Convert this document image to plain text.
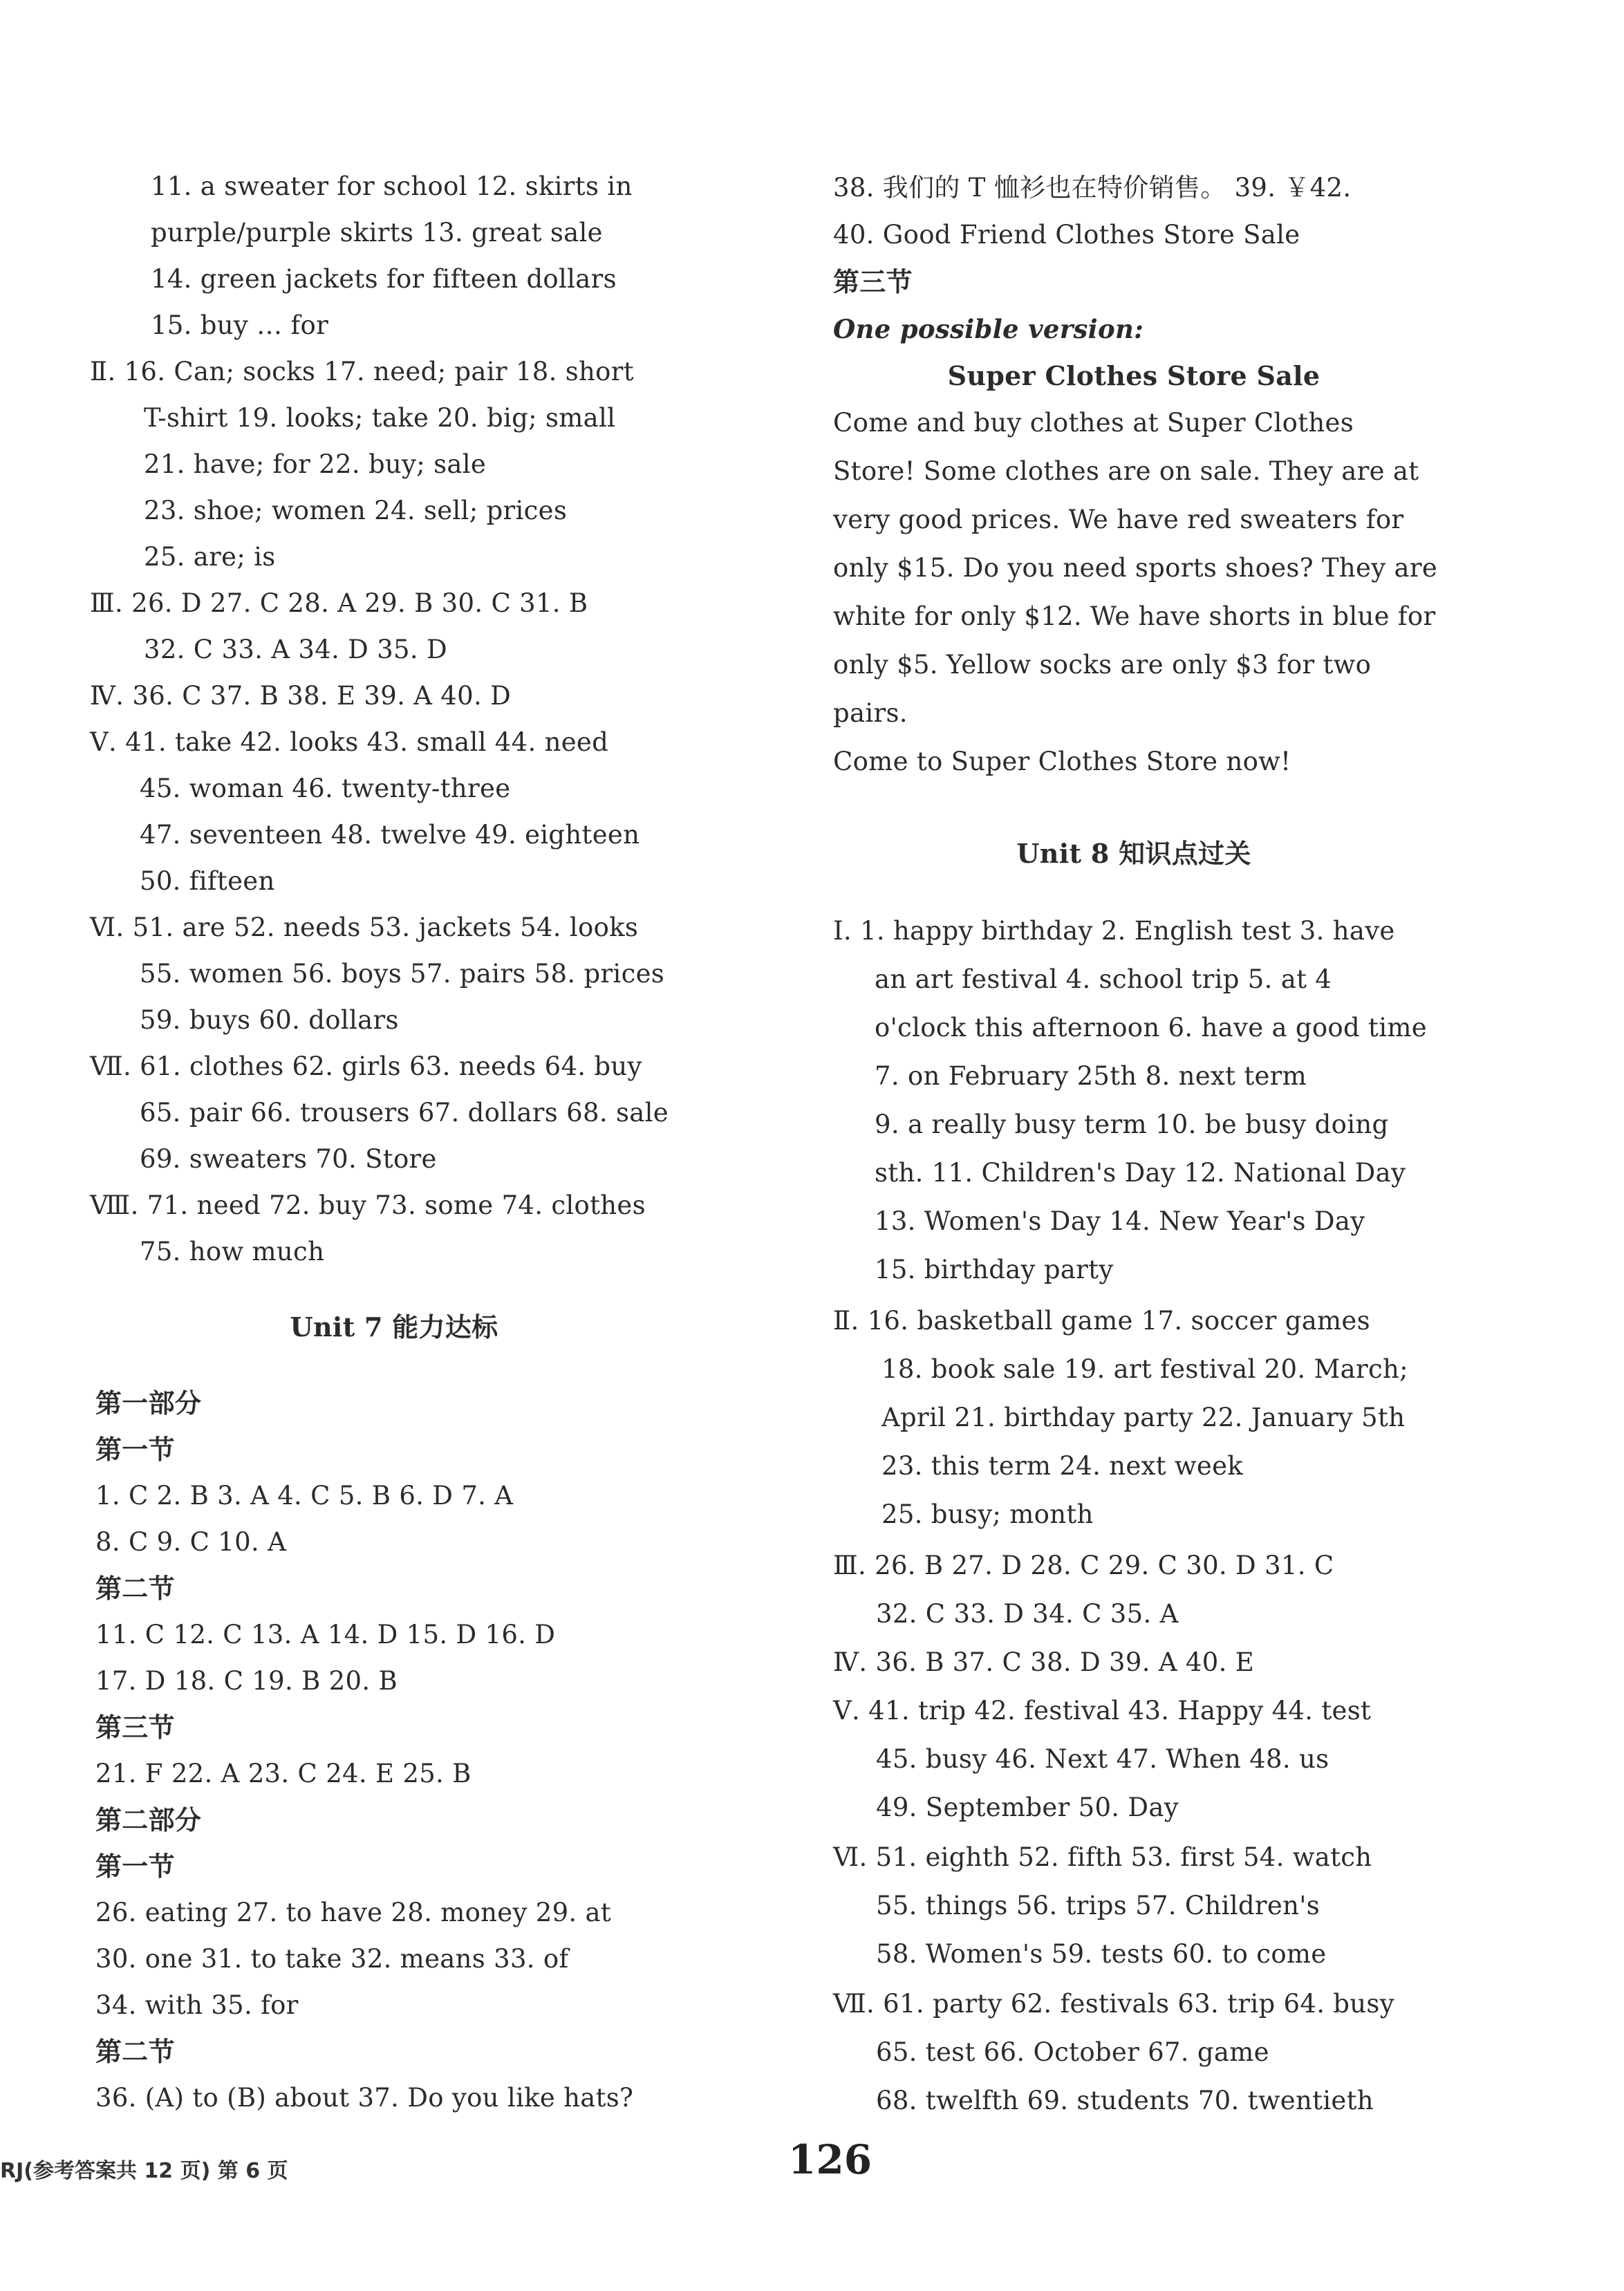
11. a sweater for school 12. skirts in
purple/purple skirts 13. great sale
14. green jackets for fifteen dollars
15. buy … for
Ⅱ. 16. Can; socks 17. need; pair 18. short
T-shirt 19. looks; take 20. big; small
21. have; for 22. buy; sale
23. shoe; women 24. sell; prices
25. are; is
Ⅲ. 26. D 27. C 28. A 29. B 30. C 31. B
32. C 33. A 34. D 35. D
Ⅳ. 36. C 37. B 38. E 39. A 40. D
Ⅴ. 41. take 42. looks 43. small 44. need
45. woman 46. twenty-three
47. seventeen 48. twelve 49. eighteen
50. fifteen
Ⅵ. 51. are 52. needs 53. jackets 54. looks
55. women 56. boys 57. pairs 58. prices
59. buys 60. dollars
Ⅶ. 61. clothes 62. girls 63. needs 64. buy
65. pair 66. trousers 67. dollars 68. sale
69. sweaters 70. Store
Ⅷ. 71. need 72. buy 73. some 74. clothes
75. how much
Unit 7 能力达标
第一部分
第一节
1. C 2. B 3. A 4. C 5. B 6. D 7. A
8. C 9. C 10. A
第二节
11. C 12. C 13. A 14. D 15. D 16. D
17. D 18. C 19. B 20. B
第三节
21. F 22. A 23. C 24. E 25. B
第二部分
第一节
26. eating 27. to have 28. money 29. at
30. one 31. to take 32. means 33. of
34. with 35. for
第二节
36. (A) to (B) about 37. Do you like hats?
38. 我们的 T 恤衫也在特价销售。 39. ￥42.
40. Good Friend Clothes Store Sale
第三节
One possible version:
Super Clothes Store Sale
Come and buy clothes at Super Clothes
Store! Some clothes are on sale. They are at
very good prices. We have red sweaters for
only $15. Do you need sports shoes? They are
white for only $12. We have shorts in blue for
only $5. Yellow socks are only $3 for two
pairs.
Come to Super Clothes Store now!
Unit 8 知识点过关
Ⅰ. 1. happy birthday 2. English test 3. have
an art festival 4. school trip 5. at 4
o'clock this afternoon 6. have a good time
7. on February 25th 8. next term
9. a really busy term 10. be busy doing
sth. 11. Children's Day 12. National Day
13. Women's Day 14. New Year's Day
15. birthday party
Ⅱ. 16. basketball game 17. soccer games
18. book sale 19. art festival 20. March;
April 21. birthday party 22. January 5th
23. this term 24. next week
25. busy; month
Ⅲ. 26. B 27. D 28. C 29. C 30. D 31. C
32. C 33. D 34. C 35. A
Ⅳ. 36. B 37. C 38. D 39. A 40. E
Ⅴ. 41. trip 42. festival 43. Happy 44. test
45. busy 46. Next 47. When 48. us
49. September 50. Day
Ⅵ. 51. eighth 52. fifth 53. first 54. watch
55. things 56. trips 57. Children's
58. Women's 59. tests 60. to come
Ⅶ. 61. party 62. festivals 63. trip 64. busy
65. test 66. October 67. game
68. twelfth 69. students 70. twentieth
RJ(参考答案共 12 页) 第 6 页	126
